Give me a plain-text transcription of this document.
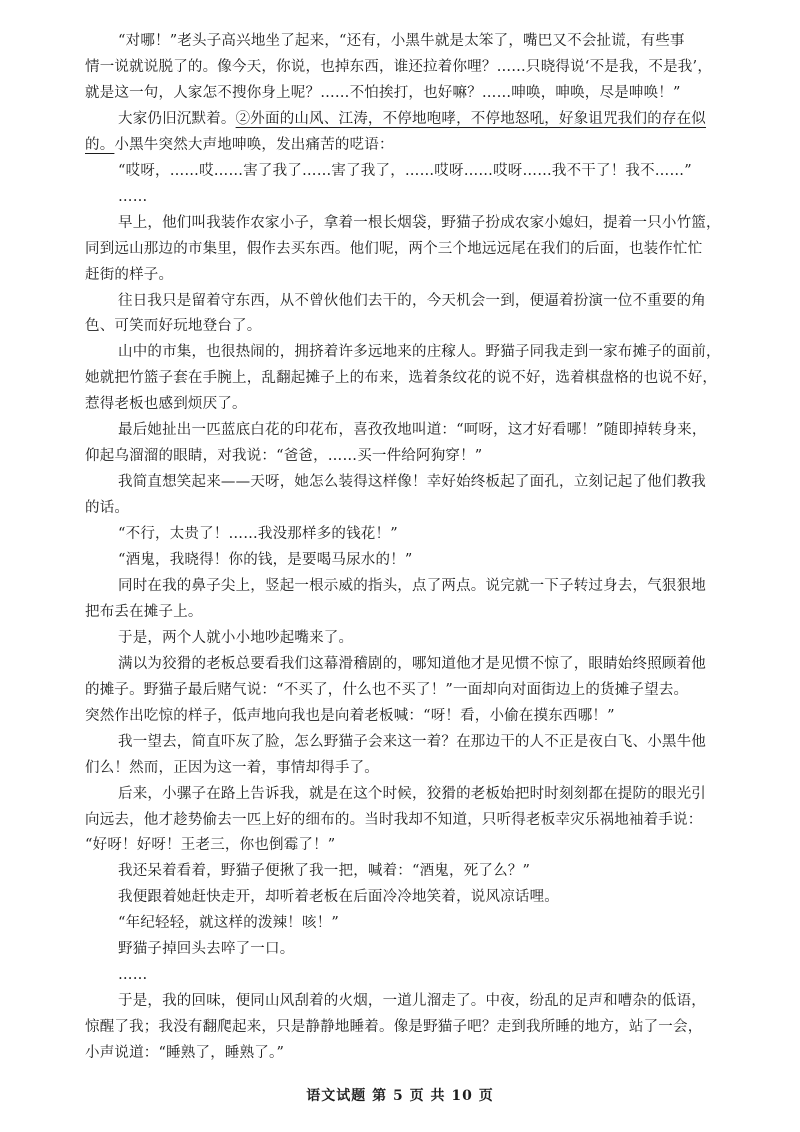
“对哪！”老头子高兴地坐了起来，“还有，小黑牛就是太笨了，嘴巴又不会扯谎，有些事
情一说就说脱了的。像今天，你说，也掉东西，谁还拉着你哩？……只晓得说‘不是我，不是我’，
就是这一句，人家怎不搜你身上呢？……不怕挨打，也好嘛？……呻唤，呻唤，尽是呻唤！”
大家仍旧沉默着。②外面的山风、江涛，不停地咆哮，不停地怒吼，好象诅咒我们的存在似
的。小黑牛突然大声地呻唤，发出痛苦的呓语：
“哎呀，……哎……害了我了……害了我了，……哎呀……哎呀……我不干了！我不……”
……
早上，他们叫我装作农家小子，拿着一根长烟袋，野猫子扮成农家小媳妇，提着一只小竹篮，
同到远山那边的市集里，假作去买东西。他们呢，两个三个地远远尾在我们的后面，也装作忙忙
赶街的样子。
往日我只是留着守东西，从不曾伙他们去干的，今天机会一到，便逼着扮演一位不重要的角
色、可笑而好玩地登台了。
山中的市集，也很热闹的，拥挤着许多远地来的庄稼人。野猫子同我走到一家布摊子的面前，
她就把竹篮子套在手腕上，乱翻起摊子上的布来，选着条纹花的说不好，选着棋盘格的也说不好，
惹得老板也感到烦厌了。
最后她扯出一匹蓝底白花的印花布，喜孜孜地叫道：“呵呀，这才好看哪！”随即掉转身来，
仰起乌溜溜的眼睛，对我说：“爸爸，……买一件给阿狗穿！”
我简直想笑起来——天呀，她怎么装得这样像！幸好始终板起了面孔，立刻记起了他们教我
的话。
“不行，太贵了！……我没那样多的钱花！”
“酒鬼，我晓得！你的钱，是要喝马尿水的！”
同时在我的鼻子尖上，竖起一根示威的指头，点了两点。说完就一下子转过身去，气狠狠地
把布丢在摊子上。
于是，两个人就小小地吵起嘴来了。
满以为狡猾的老板总要看我们这幕滑稽剧的，哪知道他才是见惯不惊了，眼睛始终照顾着他
的摊子。野猫子最后赌气说：“不买了，什么也不买了！”一面却向对面街边上的货摊子望去。
突然作出吃惊的样子，低声地向我也是向着老板喊：“呀！看，小偷在摸东西哪！”
我一望去，简直吓灰了脸，怎么野猫子会来这一着？在那边干的人不正是夜白飞、小黑牛他
们么！然而，正因为这一着，事情却得手了。
后来，小骡子在路上告诉我，就是在这个时候，狡猾的老板始把时时刻刻都在提防的眼光引
向远去，他才趁势偷去一匹上好的细布的。当时我却不知道，只听得老板幸灾乐祸地袖着手说：
“好呀！好呀！王老三，你也倒霉了！”
我还呆着看着，野猫子便揪了我一把，喊着：“酒鬼，死了么？”
我便跟着她赶快走开，却听着老板在后面冷冷地笑着，说风凉话哩。
语文试题 第 5 页 共 10 页
“年纪轻轻，就这样的泼辣！咳！”
野猫子掉回头去啐了一口。
……
于是，我的回味，便同山风刮着的火烟，一道儿溜走了。中夜，纷乱的足声和嘈杂的低语，
惊醒了我；我没有翻爬起来，只是静静地睡着。像是野猫子吧？走到我所睡的地方，站了一会，
小声说道：“睡熟了，睡熟了。”
